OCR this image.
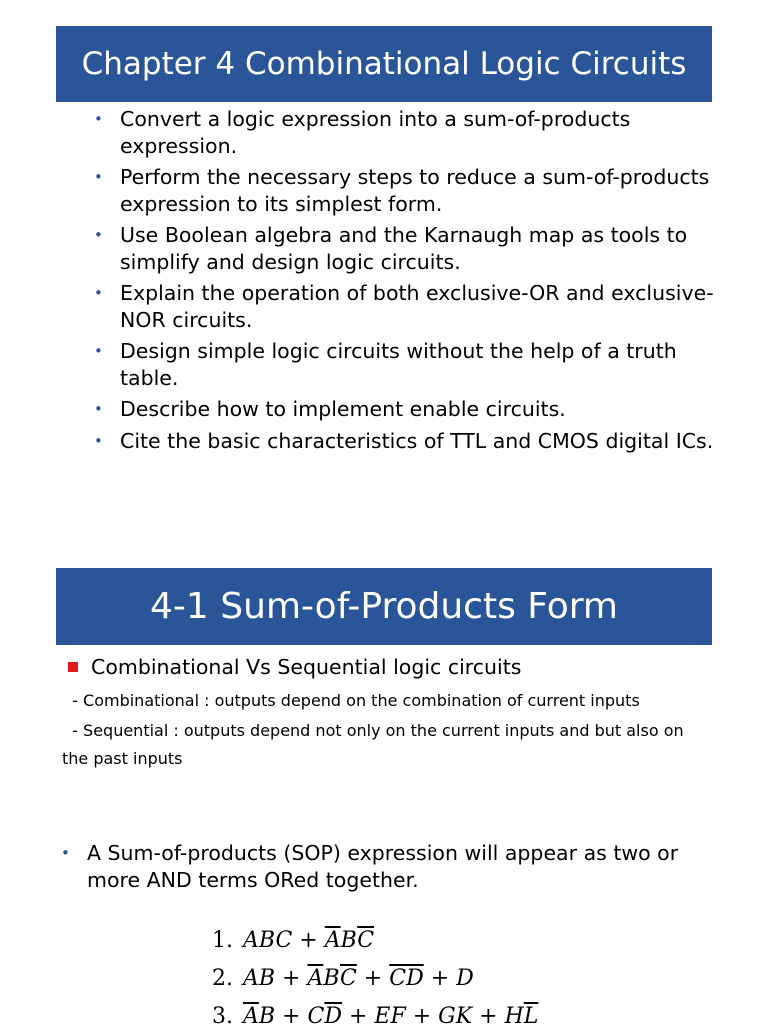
Chapter 4 Combinational Logic Circuits
• Convert a logic expression into a sum-of-products expression.
• Perform the necessary steps to reduce a sum-of-products expression to its simplest form.
• Use Boolean algebra and the Karnaugh map as tools to simplify and design logic circuits.
• Explain the operation of both exclusive-OR and exclusive-NOR circuits.
• Design simple logic circuits without the help of a truth table.
• Describe how to implement enable circuits.
• Cite the basic characteristics of TTL and CMOS digital ICs.
4-1 Sum-of-Products Form
Combinational Vs Sequential logic circuits
- Combinational : outputs depend on the combination of current inputs
- Sequential : outputs depend not only on the current inputs and but also on the past inputs
• A Sum-of-products (SOP) expression will appear as two or more AND terms ORed together.
1. ABC + $\overline{A}B\overline{C}$
2. AB + $\overline{A}B\overline{C} + \overline{C}\overline{D} + D$
3. $\overline{A}B + C\overline{D}$ + EF + GK + $H\overline{L}$
